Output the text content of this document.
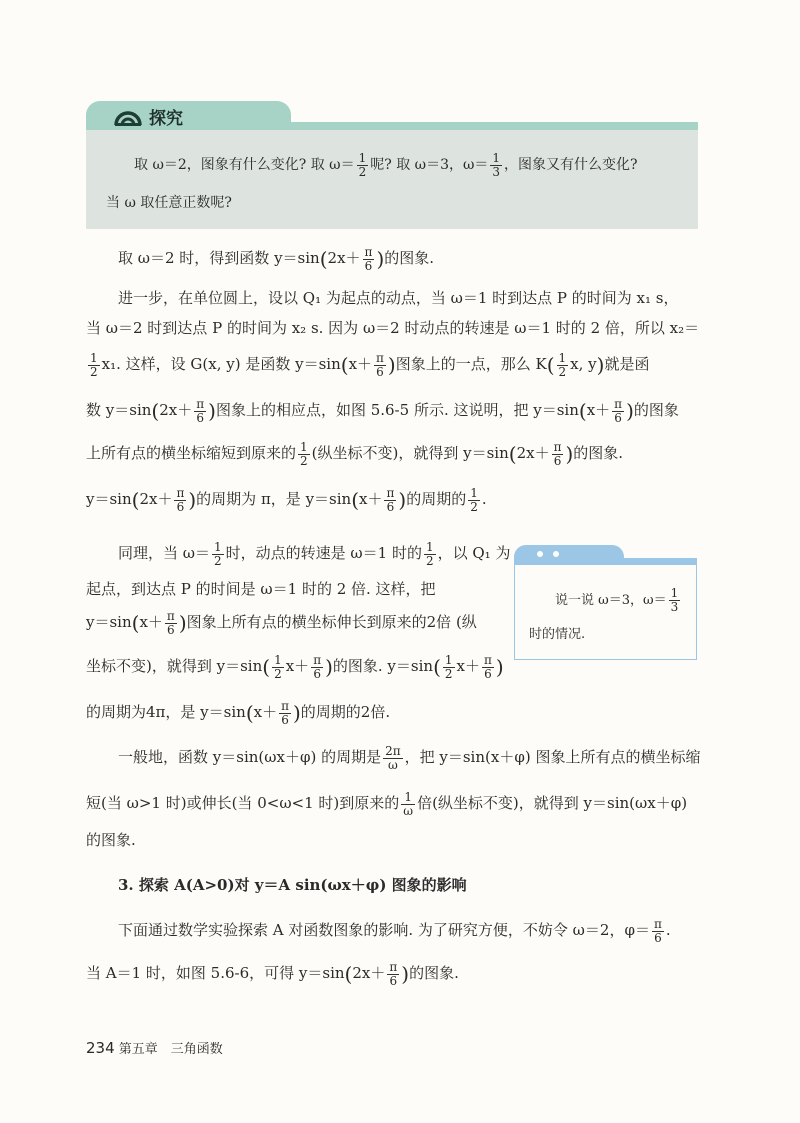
探究
取 ω＝2，图象有什么变化? 取 $\omega= \frac{1}{2}$ 呢? 取 ω＝3，$\omega= \frac{1}{3}$ ，图象又有什么变化?
当 ω 取任意正数呢?
取 ω＝2 时，得到函数 $y=\sin(2x+ \frac{\pi}{6}$ )的图象.
进一步，在单位圆上，设以 Q₁ 为起点的动点，当 ω＝1 时到达点 P 的时间为 x₁ s，
当 ω＝2 时到达点 P 的时间为 x₂ s. 因为 ω＝2 时动点的转速是 ω＝1 时的 2 倍，所以 x₂＝
$\frac{1}{2} x_1$. 这样，设 G(x, y) 是函数 $y=\sin(x+ \frac{\pi}{6}$ )图象上的一点，那么 $K( \frac{1}{2} x$, y)就是函
数 $y=\sin(2x+ \frac{\pi}{6}$ )图象上的相应点，如图 5.6-5 所示. 这说明，把 $y=\sin(x+ \frac{\pi}{6}$ )的图象
上所有点的横坐标缩短到原来的 $\frac{1}{2}$ (纵坐标不变)，就得到 $y=\sin(2x+ \frac{\pi}{6}$ )的图象.
$y=\sin(2x+ \frac{\pi}{6}$ )的周期为 π，是 $y=\sin(x+ \frac{\pi}{6}$ )的周期的 $\frac{1}{2}$ .
同理，当 $\omega= \frac{1}{2}$ 时，动点的转速是 ω＝1 时的 $\frac{1}{2}$ ，以 Q₁ 为
起点，到达点 P 的时间是 ω＝1 时的 2 倍. 这样，把
$y=\sin(x+ \frac{\pi}{6}$ )图象上所有点的横坐标伸长到原来的2倍 (纵
坐标不变)，就得到 $y=\sin( \frac{1}{2} x+ \frac{\pi}{6}$ )的图象. $y=\sin( \frac{1}{2} x+ \frac{\pi}{6}$ )
的周期为4π，是 $y=\sin(x+ \frac{\pi}{6}$ )的周期的2倍.
说一说 ω＝3，$\omega= \frac{1}{3}$
时的情况.
一般地，函数 y＝sin(ωx＋φ) 的周期是 $\frac{2\pi}{\omega}$ ，把 y＝sin(x＋φ) 图象上所有点的横坐标缩
短(当 ω>1 时)或伸长(当 0<ω<1 时)到原来的 $\frac{1}{\omega}$ 倍(纵坐标不变)，就得到 y＝sin(ωx＋φ)
的图象.
3. 探索 A(A>0)对 y＝A sin(ωx＋φ) 图象的影响
下面通过数学实验探索 A 对函数图象的影响. 为了研究方便，不妨令 ω＝2，$\varphi= \frac{\pi}{6}$ .
当 A＝1 时，如图 5.6-6，可得 $y=\sin(2x+ \frac{\pi}{6}$ )的图象.
234 第五章　三角函数
